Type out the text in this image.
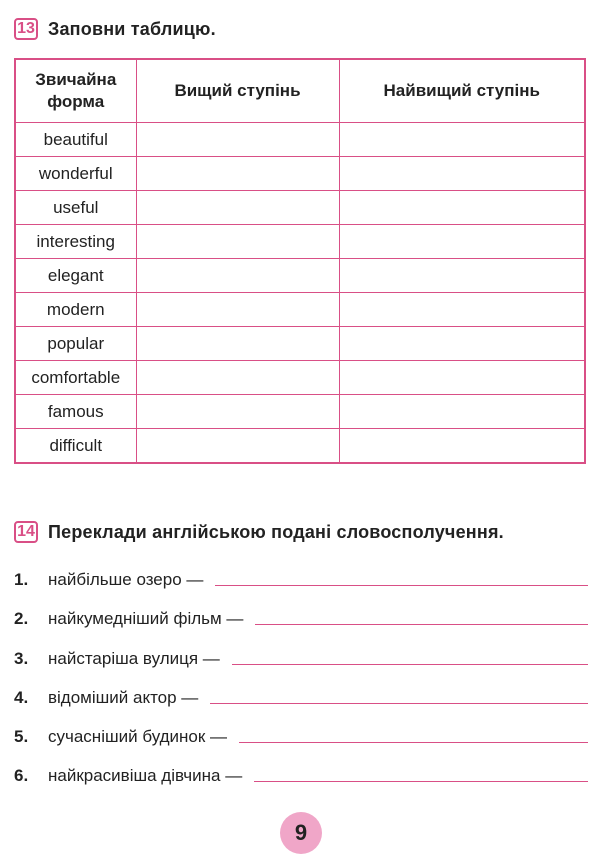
13 Заповни таблицю.
Звичайна форма	Вищий ступінь	Найвищий ступінь
beautiful		
wonderful		
useful		
interesting		
elegant		
modern		
popular		
comfortable		
famous		
difficult		
14 Переклади англійською подані словосполучення.
1.	найбільше озеро —
2.	найкумедніший фільм —
3.	найстаріша вулиця —
4.	відоміший актор —
5.	сучасніший будинок —
6.	найкрасивіша дівчина —
9
